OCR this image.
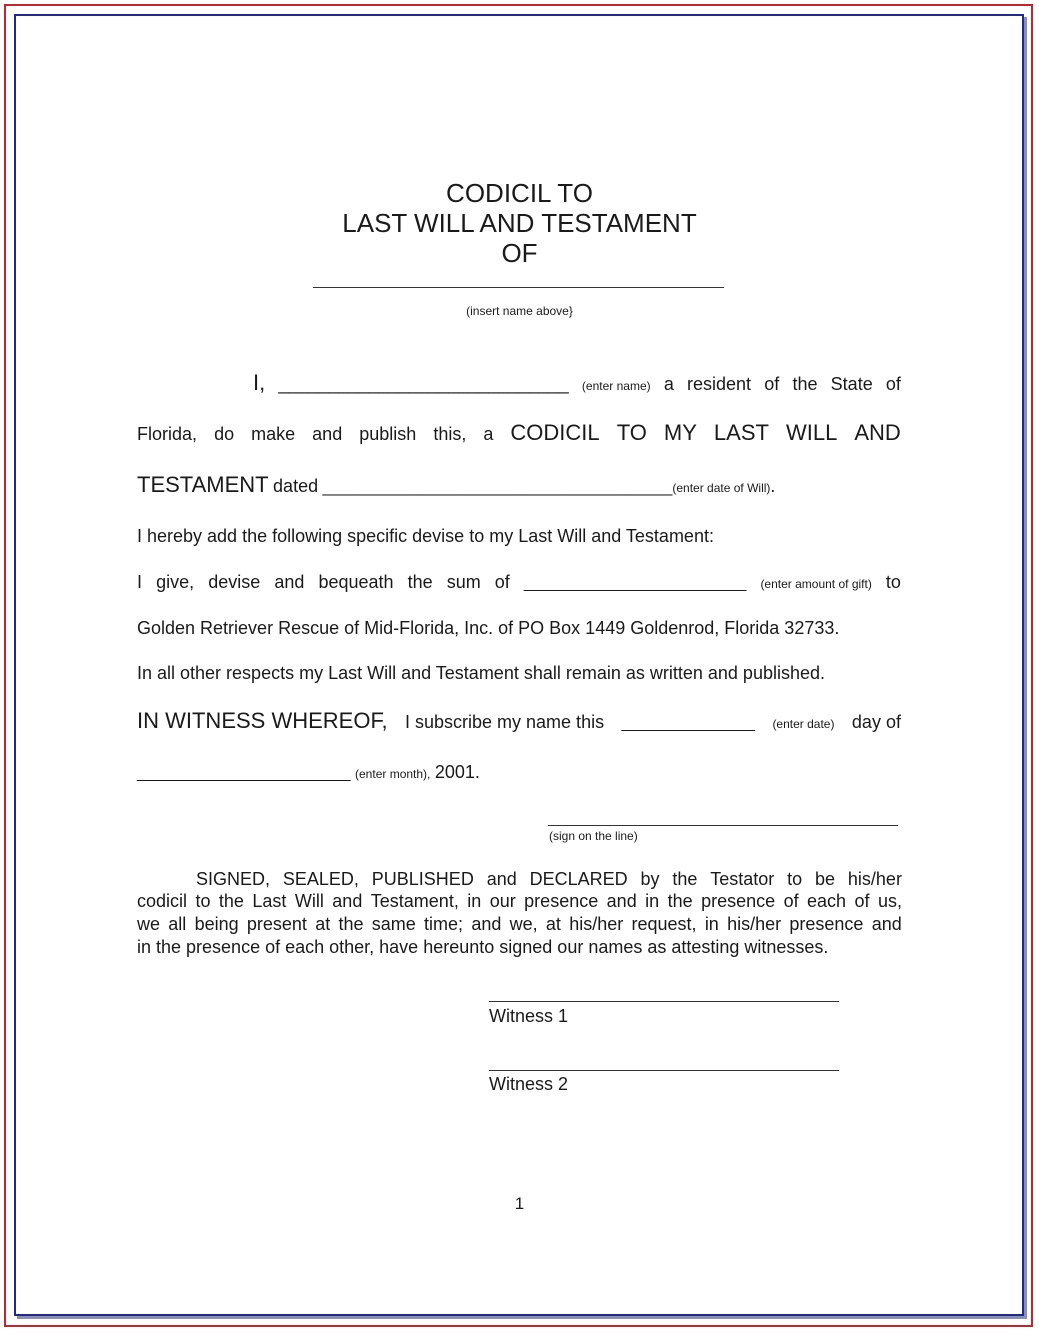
CODICIL TO
LAST WILL AND TESTAMENT
OF
(insert name above}
I, _____________________________ (enter name) a resident of the State of
Florida, do make and publish this, a CODICIL TO MY LAST WILL AND
TESTAMENT dated _____________________________________(enter date of Will).
I hereby add the following specific devise to my Last Will and Testament:
I give, devise and bequeath the sum of _________________________ (enter amount of gift) to
Golden Retriever Rescue of Mid-Florida, Inc. of PO Box 1449 Goldenrod, Florida 32733.
In all other respects my Last Will and Testament shall remain as written and published.
IN WITNESS WHEREOF, I subscribe my name this _______________ (enter date) day of
________________________ (enter month), 2001.
(sign on the line)
SIGNED, SEALED, PUBLISHED and DECLARED by the Testator to be his/her
codicil to the Last Will and Testament, in our presence and in the presence of each of us,
we all being present at the same time; and we, at his/her request, in his/her presence and
in the presence of each other, have hereunto signed our names as attesting witnesses.
Witness 1
Witness 2
1
